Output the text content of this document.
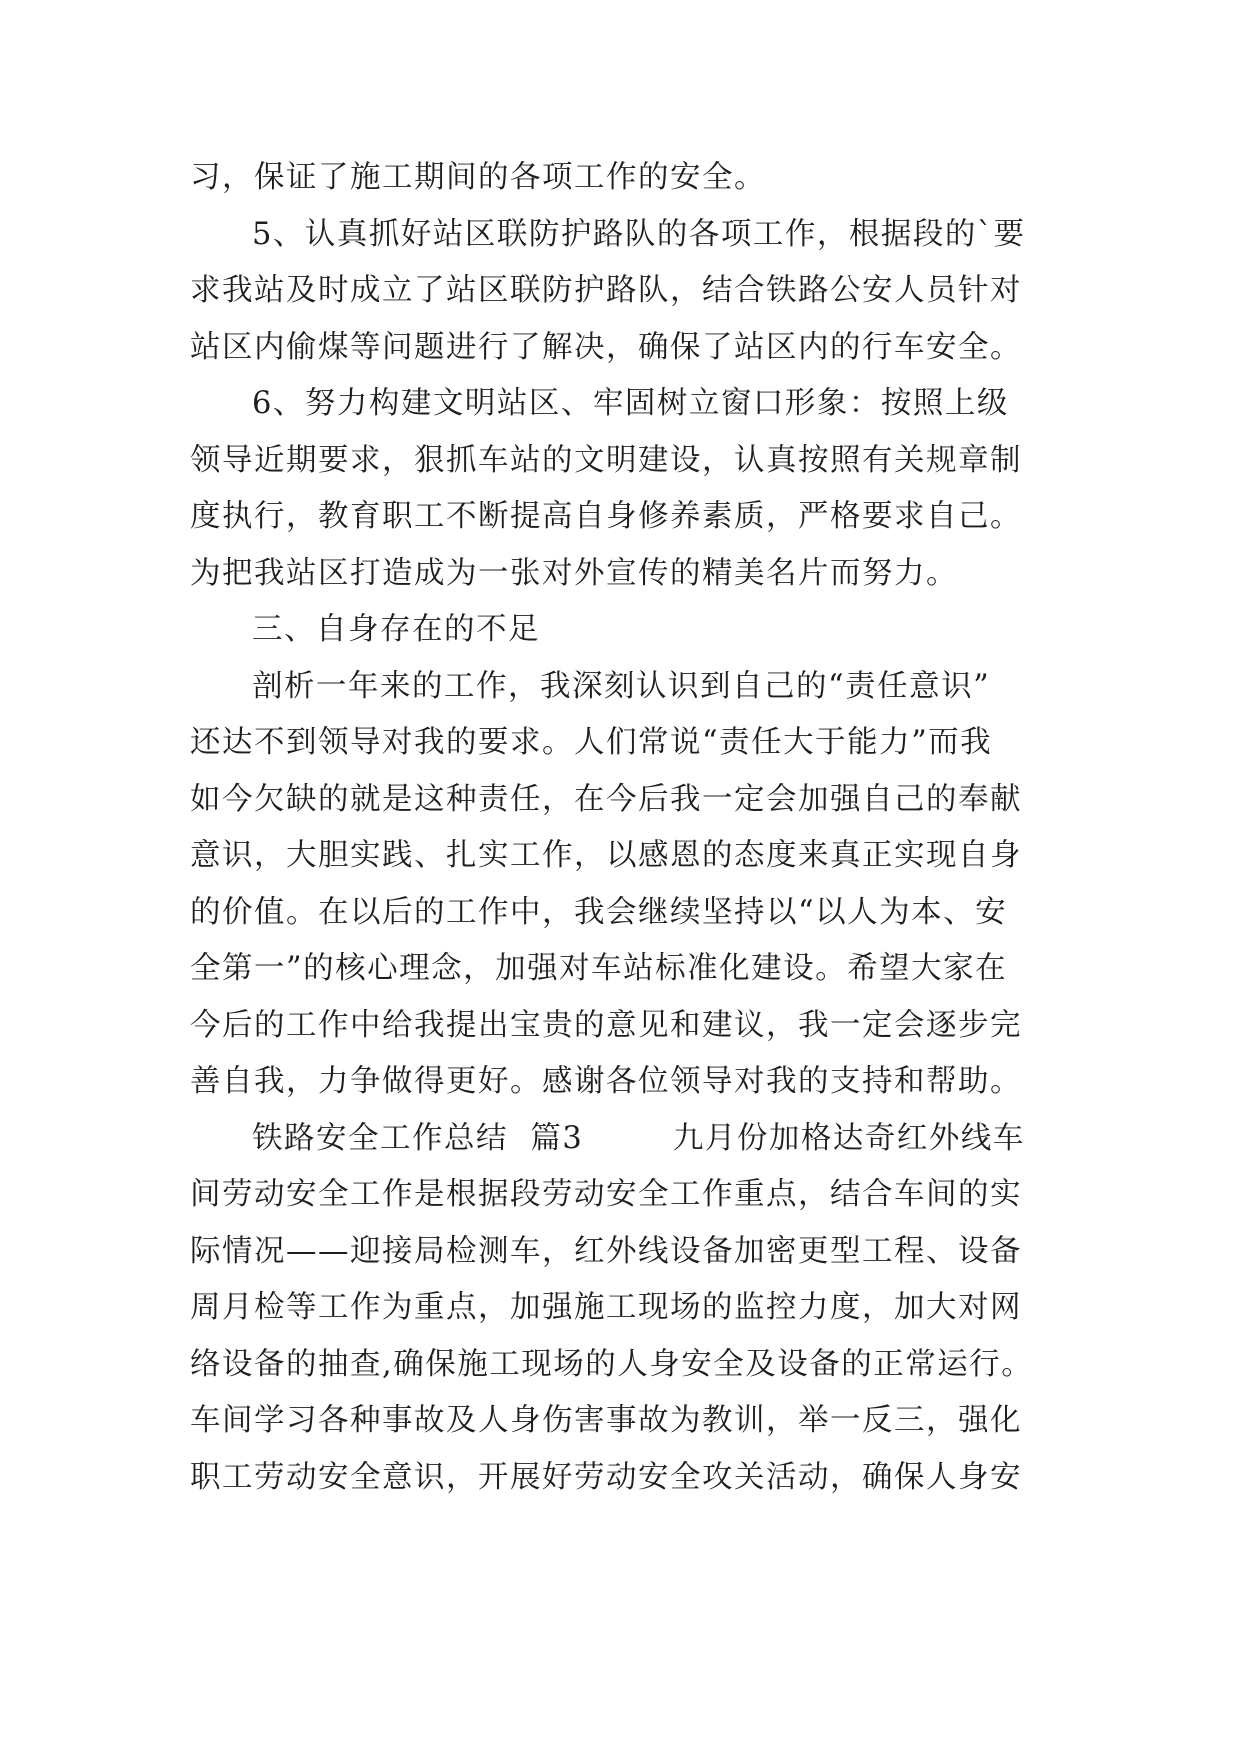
习，保证了施工期间的各项工作的安全。
5、认真抓好站区联防护路队的各项工作，根据段的`要
求我站及时成立了站区联防护路队，结合铁路公安人员针对
站区内偷煤等问题进行了解决，确保了站区内的行车安全。
6、努力构建文明站区、牢固树立窗口形象：按照上级
领导近期要求，狠抓车站的文明建设，认真按照有关规章制
度执行，教育职工不断提高自身修养素质，严格要求自己。
为把我站区打造成为一张对外宣传的精美名片而努力。
三、自身存在的不足
剖析一年来的工作，我深刻认识到自己的“责任意识”
还达不到领导对我的要求。人们常说“责任大于能力”而我
如今欠缺的就是这种责任，在今后我一定会加强自己的奉献
意识，大胆实践、扎实工作，以感恩的态度来真正实现自身
的价值。在以后的工作中，我会继续坚持以“以人为本、安
全第一”的核心理念，加强对车站标准化建设。希望大家在
今后的工作中给我提出宝贵的意见和建议，我一定会逐步完
善自我，力争做得更好。感谢各位领导对我的支持和帮助。
铁路安全工作总结  篇3        九月份加格达奇红外线车
间劳动安全工作是根据段劳动安全工作重点，结合车间的实
际情况——迎接局检测车，红外线设备加密更型工程、设备
周月检等工作为重点，加强施工现场的监控力度，加大对网
络设备的抽查,确保施工现场的人身安全及设备的正常运行。
车间学习各种事故及人身伤害事故为教训，举一反三，强化
职工劳动安全意识，开展好劳动安全攻关活动，确保人身安
